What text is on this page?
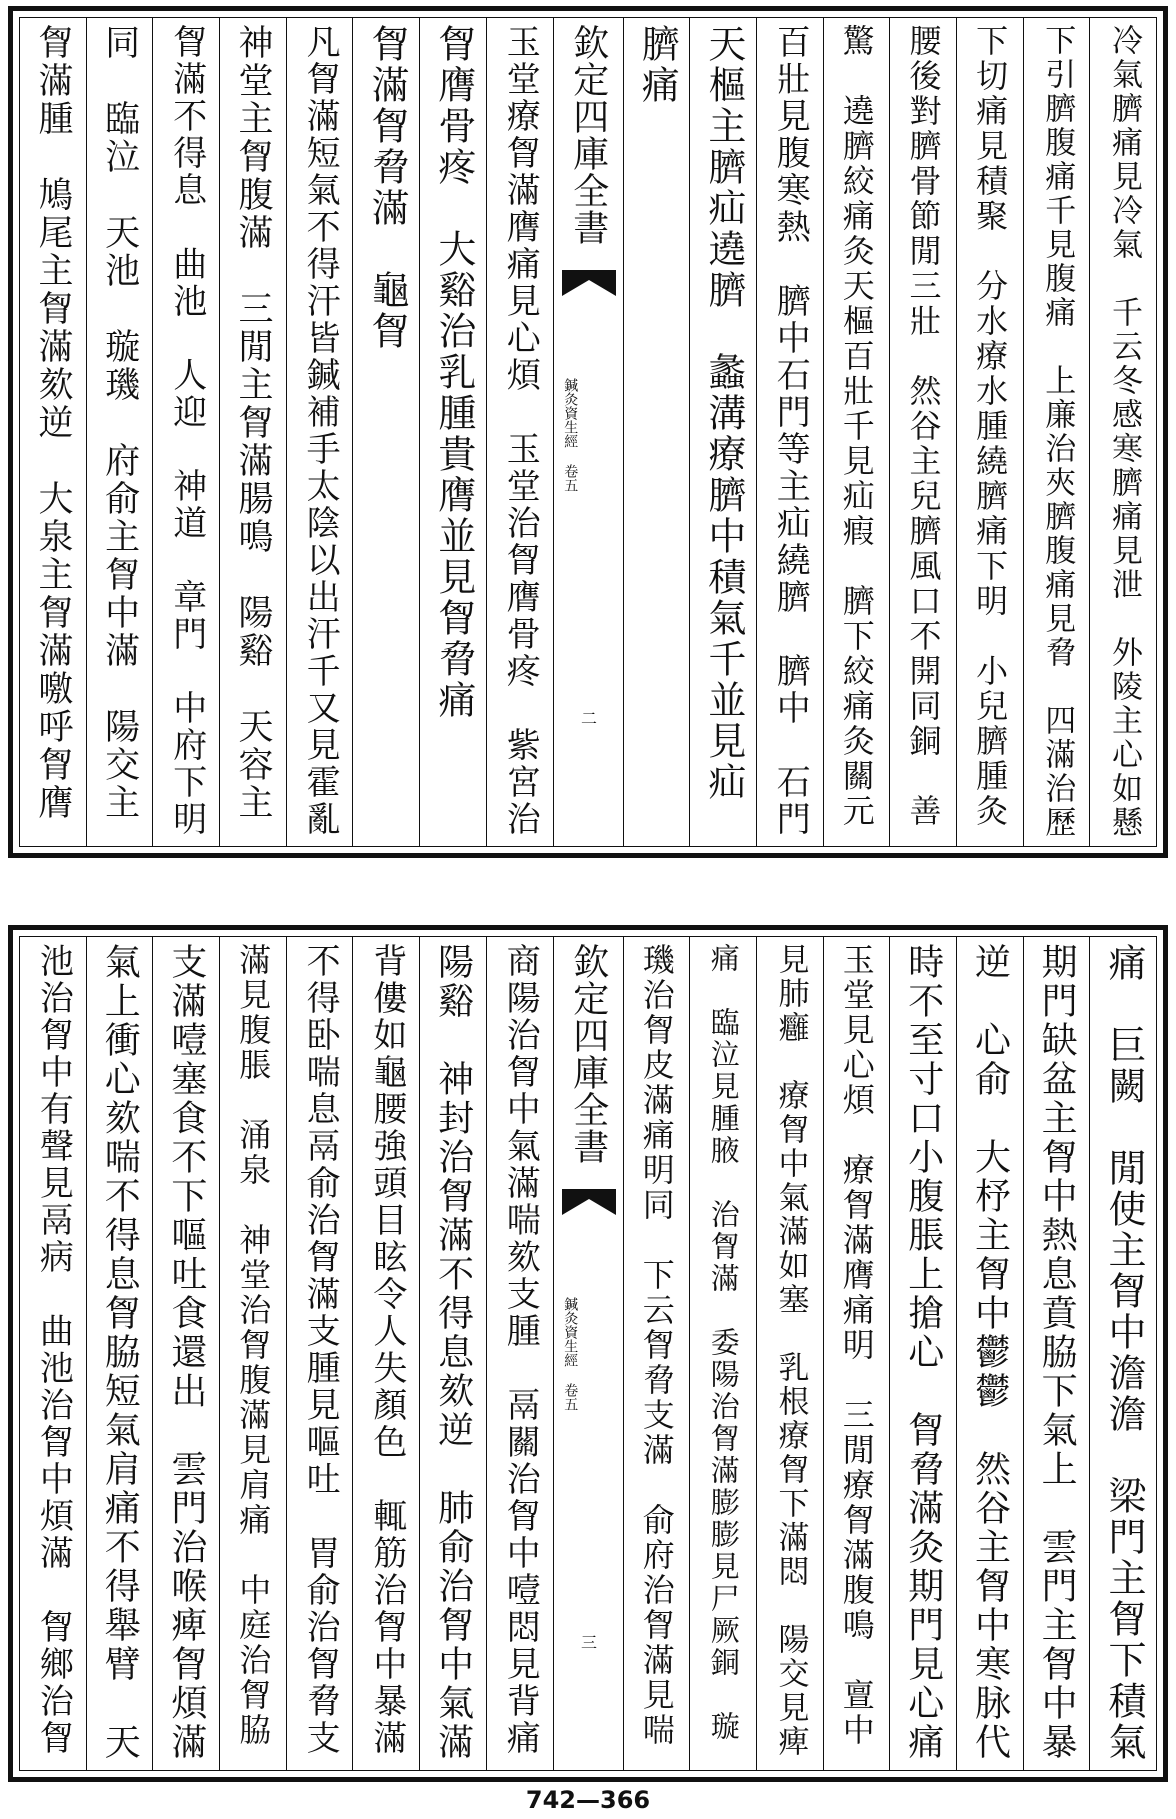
冷氣臍痛見冷氣　千云冬感寒臍痛見泄　外陵主心如懸
下引臍腹痛千見腹痛　上廉治夾臍腹痛見脅　四滿治歷
下切痛見積聚　分水療水腫繞臍痛下明　小兒臍腫灸
腰後對臍骨節閒三壯　然谷主兒臍風口不開同銅　善
驚　遶臍絞痛灸天樞百壯千見疝瘕　臍下絞痛灸關元
百壯見腹寒熱　臍中石門等主疝繞臍　臍中　石門
天樞主臍疝遶臍　蠡溝療臍中積氣千並見疝
臍痛
欽定四庫全書
鍼灸資生經 卷五
二
玉堂療胷滿膺痛見心煩　玉堂治胷膺骨疼　紫宮治
胷膺骨疼　大谿治乳腫貴膺並見胷脅痛
胷滿胷脅滿　龜胷
凡胷滿短氣不得汗皆鍼補手太陰以出汗千又見霍亂
神堂主胷腹滿　三閒主胷滿腸鳴　陽谿　天容主
胷滿不得息　曲池　人迎　神道　章門　中府下明
同　臨泣　天池　璇璣　府俞主胷中滿　陽交主
胷滿腫　鳩尾主胷滿欬逆　大泉主胷滿噭呼胷膺
痛　巨闕　閒使主胷中澹澹　梁門主胷下積氣
期門缺盆主胷中熱息賁脇下氣上　雲門主胷中暴
逆　心俞　大杼主胷中鬱鬱　然谷主胷中寒脉代
時不至寸口小腹脹上搶心　胷脅滿灸期門見心痛
玉堂見心煩　療胷滿膺痛明　三閒療胷滿腹鳴　亶中
見肺癰　療胷中氣滿如塞　乳根療胷下滿悶　陽交見痺
痛　臨泣見腫腋　治胷滿　委陽治胷滿膨膨見尸厥銅　璇
璣治胷皮滿痛明同　下云胷脅支滿　俞府治胷滿見喘
欽定四庫全書
鍼灸資生經 卷五
三
商陽治胷中氣滿喘欬支腫　鬲關治胷中噎悶見背痛
陽谿　神封治胷滿不得息欬逆　肺俞治胷中氣滿
背僂如龜腰強頭目眩令人失顏色　輒筋治胷中暴滿
不得卧喘息鬲俞治胷滿支腫見嘔吐　胃俞治胷脅支
滿見腹脹　涌泉　神堂治胷腹滿見肩痛　中庭治胷脇
支滿噎塞食不下嘔吐食還出　雲門治喉痺胷煩滿
氣上衝心欬喘不得息胷脇短氣肩痛不得舉臂　天
池治胷中有聲見鬲病　曲池治胷中煩滿　胷鄉治胷
742—366
